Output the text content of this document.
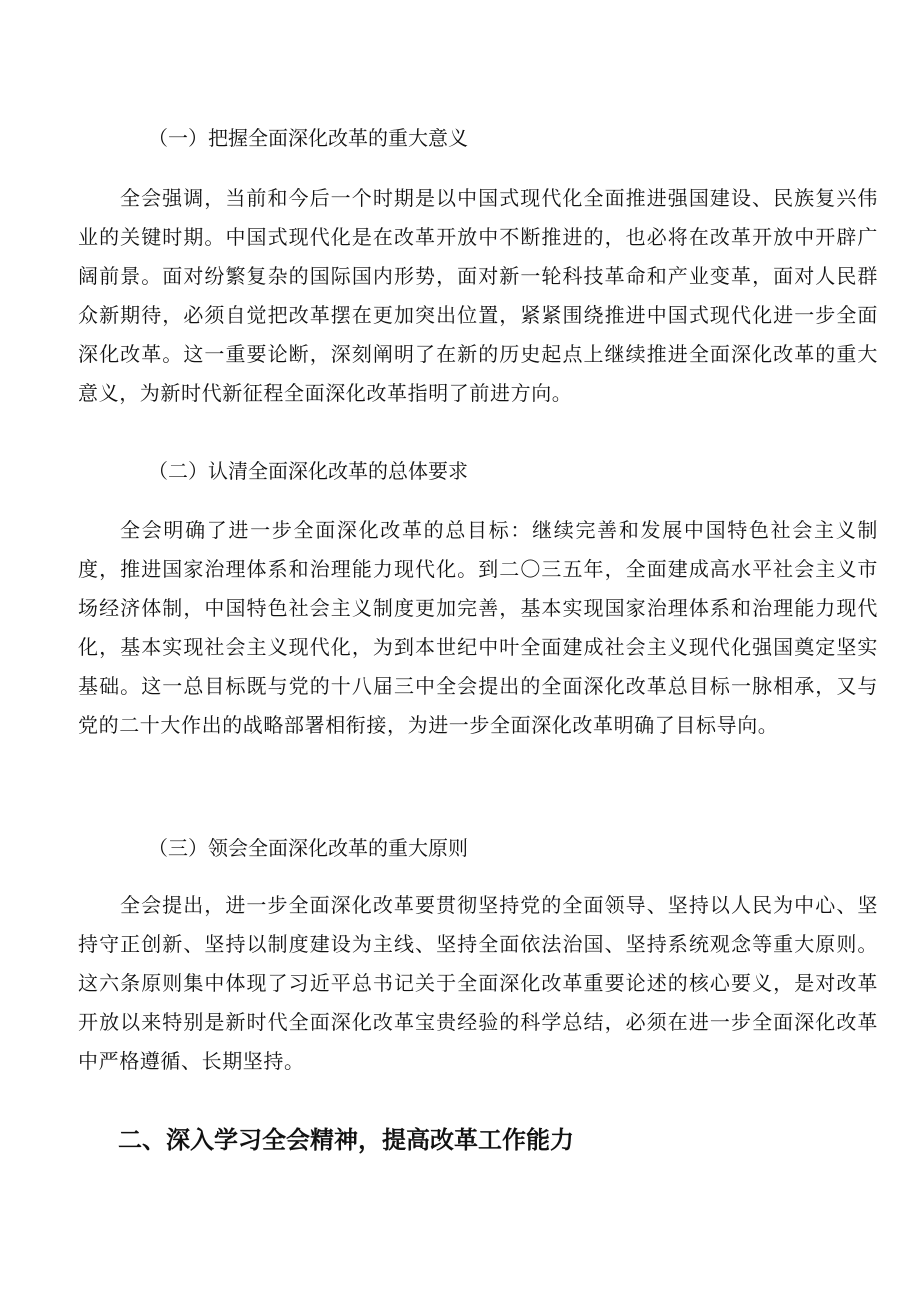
（一）把握全面深化改革的重大意义

全会强调，当前和今后一个时期是以中国式现代化全面推进强国建设、民族复兴伟业的关键时期。中国式现代化是在改革开放中不断推进的，也必将在改革开放中开辟广阔前景。面对纷繁复杂的国际国内形势，面对新一轮科技革命和产业变革，面对人民群众新期待，必须自觉把改革摆在更加突出位置，紧紧围绕推进中国式现代化进一步全面深化改革。这一重要论断，深刻阐明了在新的历史起点上继续推进全面深化改革的重大意义，为新时代新征程全面深化改革指明了前进方向。

（二）认清全面深化改革的总体要求

全会明确了进一步全面深化改革的总目标：继续完善和发展中国特色社会主义制度，推进国家治理体系和治理能力现代化。到二〇三五年，全面建成高水平社会主义市场经济体制，中国特色社会主义制度更加完善，基本实现国家治理体系和治理能力现代化，基本实现社会主义现代化，为到本世纪中叶全面建成社会主义现代化强国奠定坚实基础。这一总目标既与党的十八届三中全会提出的全面深化改革总目标一脉相承，又与党的二十大作出的战略部署相衔接，为进一步全面深化改革明确了目标导向。

（三）领会全面深化改革的重大原则

全会提出，进一步全面深化改革要贯彻坚持党的全面领导、坚持以人民为中心、坚持守正创新、坚持以制度建设为主线、坚持全面依法治国、坚持系统观念等重大原则。这六条原则集中体现了习近平总书记关于全面深化改革重要论述的核心要义，是对改革开放以来特别是新时代全面深化改革宝贵经验的科学总结，必须在进一步全面深化改革中严格遵循、长期坚持。

二、深入学习全会精神，提高改革工作能力
